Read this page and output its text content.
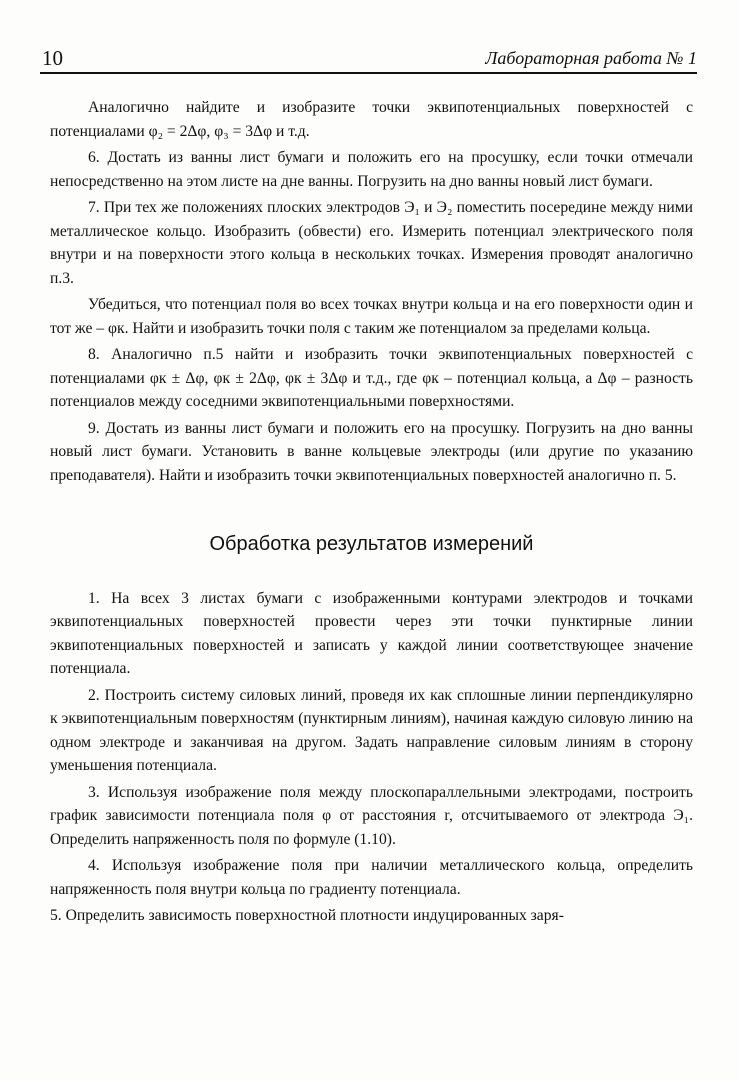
10	Лабораторная работа № 1

Аналогично найдите и изобразите точки эквипотенциальных поверхностей с потенциалами φ₂ = 2Δφ, φ₃ = 3Δφ и т.д.

6. Достать из ванны лист бумаги и положить его на просушку, если точки отмечали непосредственно на этом листе на дне ванны. Погрузить на дно ванны новый лист бумаги.

7. При тех же положениях плоских электродов Э₁ и Э₂ поместить посередине между ними металлическое кольцо. Изобразить (обвести) его. Измерить потенциал электрического поля внутри и на поверхности этого кольца в нескольких точках. Измерения проводят аналогично п.3.

Убедиться, что потенциал поля во всех точках внутри кольца и на его поверхности один и тот же – φк. Найти и изобразить точки поля с таким же потенциалом за пределами кольца.

8. Аналогично п.5 найти и изобразить точки эквипотенциальных поверхностей с потенциалами φк ± Δφ, φк ± 2Δφ, φк ± 3Δφ и т.д., где φк – потенциал кольца, а Δφ – разность потенциалов между соседними эквипотенциальными поверхностями.

9. Достать из ванны лист бумаги и положить его на просушку. Погрузить на дно ванны новый лист бумаги. Установить в ванне кольцевые электроды (или другие по указанию преподавателя). Найти и изобразить точки эквипотенциальных поверхностей аналогично п. 5.

Обработка результатов измерений

1. На всех 3 листах бумаги с изображенными контурами электродов и точками эквипотенциальных поверхностей провести через эти точки пунктирные линии эквипотенциальных поверхностей и записать у каждой линии соответствующее значение потенциала.

2. Построить систему силовых линий, проведя их как сплошные линии перпендикулярно к эквипотенциальным поверхностям (пунктирным линиям), начиная каждую силовую линию на одном электроде и заканчивая на другом. Задать направление силовым линиям в сторону уменьшения потенциала.

3. Используя изображение поля между плоскопараллельными электродами, построить график зависимости потенциала поля φ от расстояния r, отсчитываемого от электрода Э₁. Определить напряженность поля по формуле (1.10).

4. Используя изображение поля при наличии металлического кольца, определить напряженность поля внутри кольца по градиенту потенциала.

5. Определить зависимость поверхностной плотности индуцированных заря-
